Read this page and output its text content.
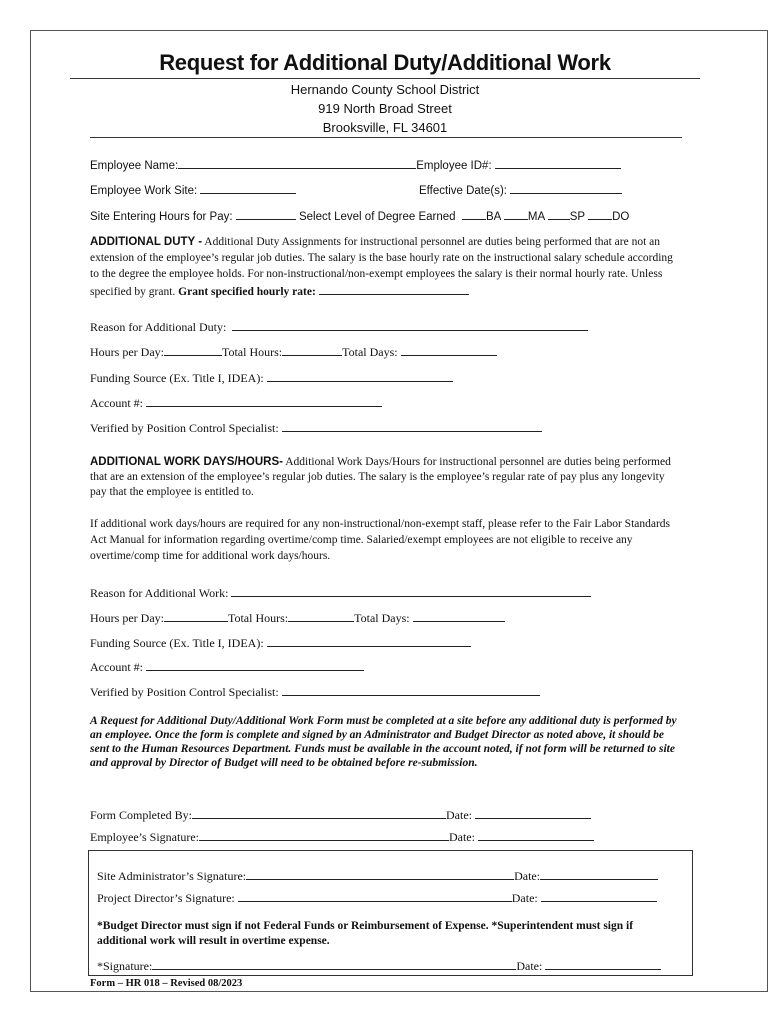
Request for Additional Duty/Additional Work
Hernando County School District
919 North Broad Street
Brooksville, FL 34601
Employee Name:	Employee ID#:
Employee Work Site:	Effective Date(s):
Site Entering Hours for Pay:	Select Level of Degree Earned	BA MA SP DO
ADDITIONAL DUTY - Additional Duty Assignments for instructional personnel are duties being performed that are not an extension of the employee’s regular job duties. The salary is the base hourly rate on the instructional salary schedule according to the degree the employee holds. For non-instructional/non-exempt employees the salary is their normal hourly rate. Unless specified by grant. Grant specified hourly rate:
Reason for Additional Duty:
Hours per Day:	Total Hours:	Total Days:
Funding Source (Ex. Title I, IDEA):
Account #:
Verified by Position Control Specialist:
ADDITIONAL WORK DAYS/HOURS- Additional Work Days/Hours for instructional personnel are duties being performed that are an extension of the employee’s regular job duties. The salary is the employee’s regular rate of pay plus any longevity pay that the employee is entitled to.
If additional work days/hours are required for any non-instructional/non-exempt staff, please refer to the Fair Labor Standards Act Manual for information regarding overtime/comp time. Salaried/exempt employees are not eligible to receive any overtime/comp time for additional work days/hours.
Reason for Additional Work:
Hours per Day:	Total Hours:	Total Days:
Funding Source (Ex. Title I, IDEA):
Account #:
Verified by Position Control Specialist:
A Request for Additional Duty/Additional Work Form must be completed at a site before any additional duty is performed by an employee. Once the form is complete and signed by an Administrator and Budget Director as noted above, it should be sent to the Human Resources Department. Funds must be available in the account noted, if not form will be returned to site and approval by Director of Budget will need to be obtained before re-submission.
Form Completed By:	Date:
Employee’s Signature:	Date:
Site Administrator’s Signature:	Date:
Project Director’s Signature:	Date:
*Budget Director must sign if not Federal Funds or Reimbursement of Expense. *Superintendent must sign if additional work will result in overtime expense.
*Signature:	Date:
Form – HR 018 – Revised 08/2023
